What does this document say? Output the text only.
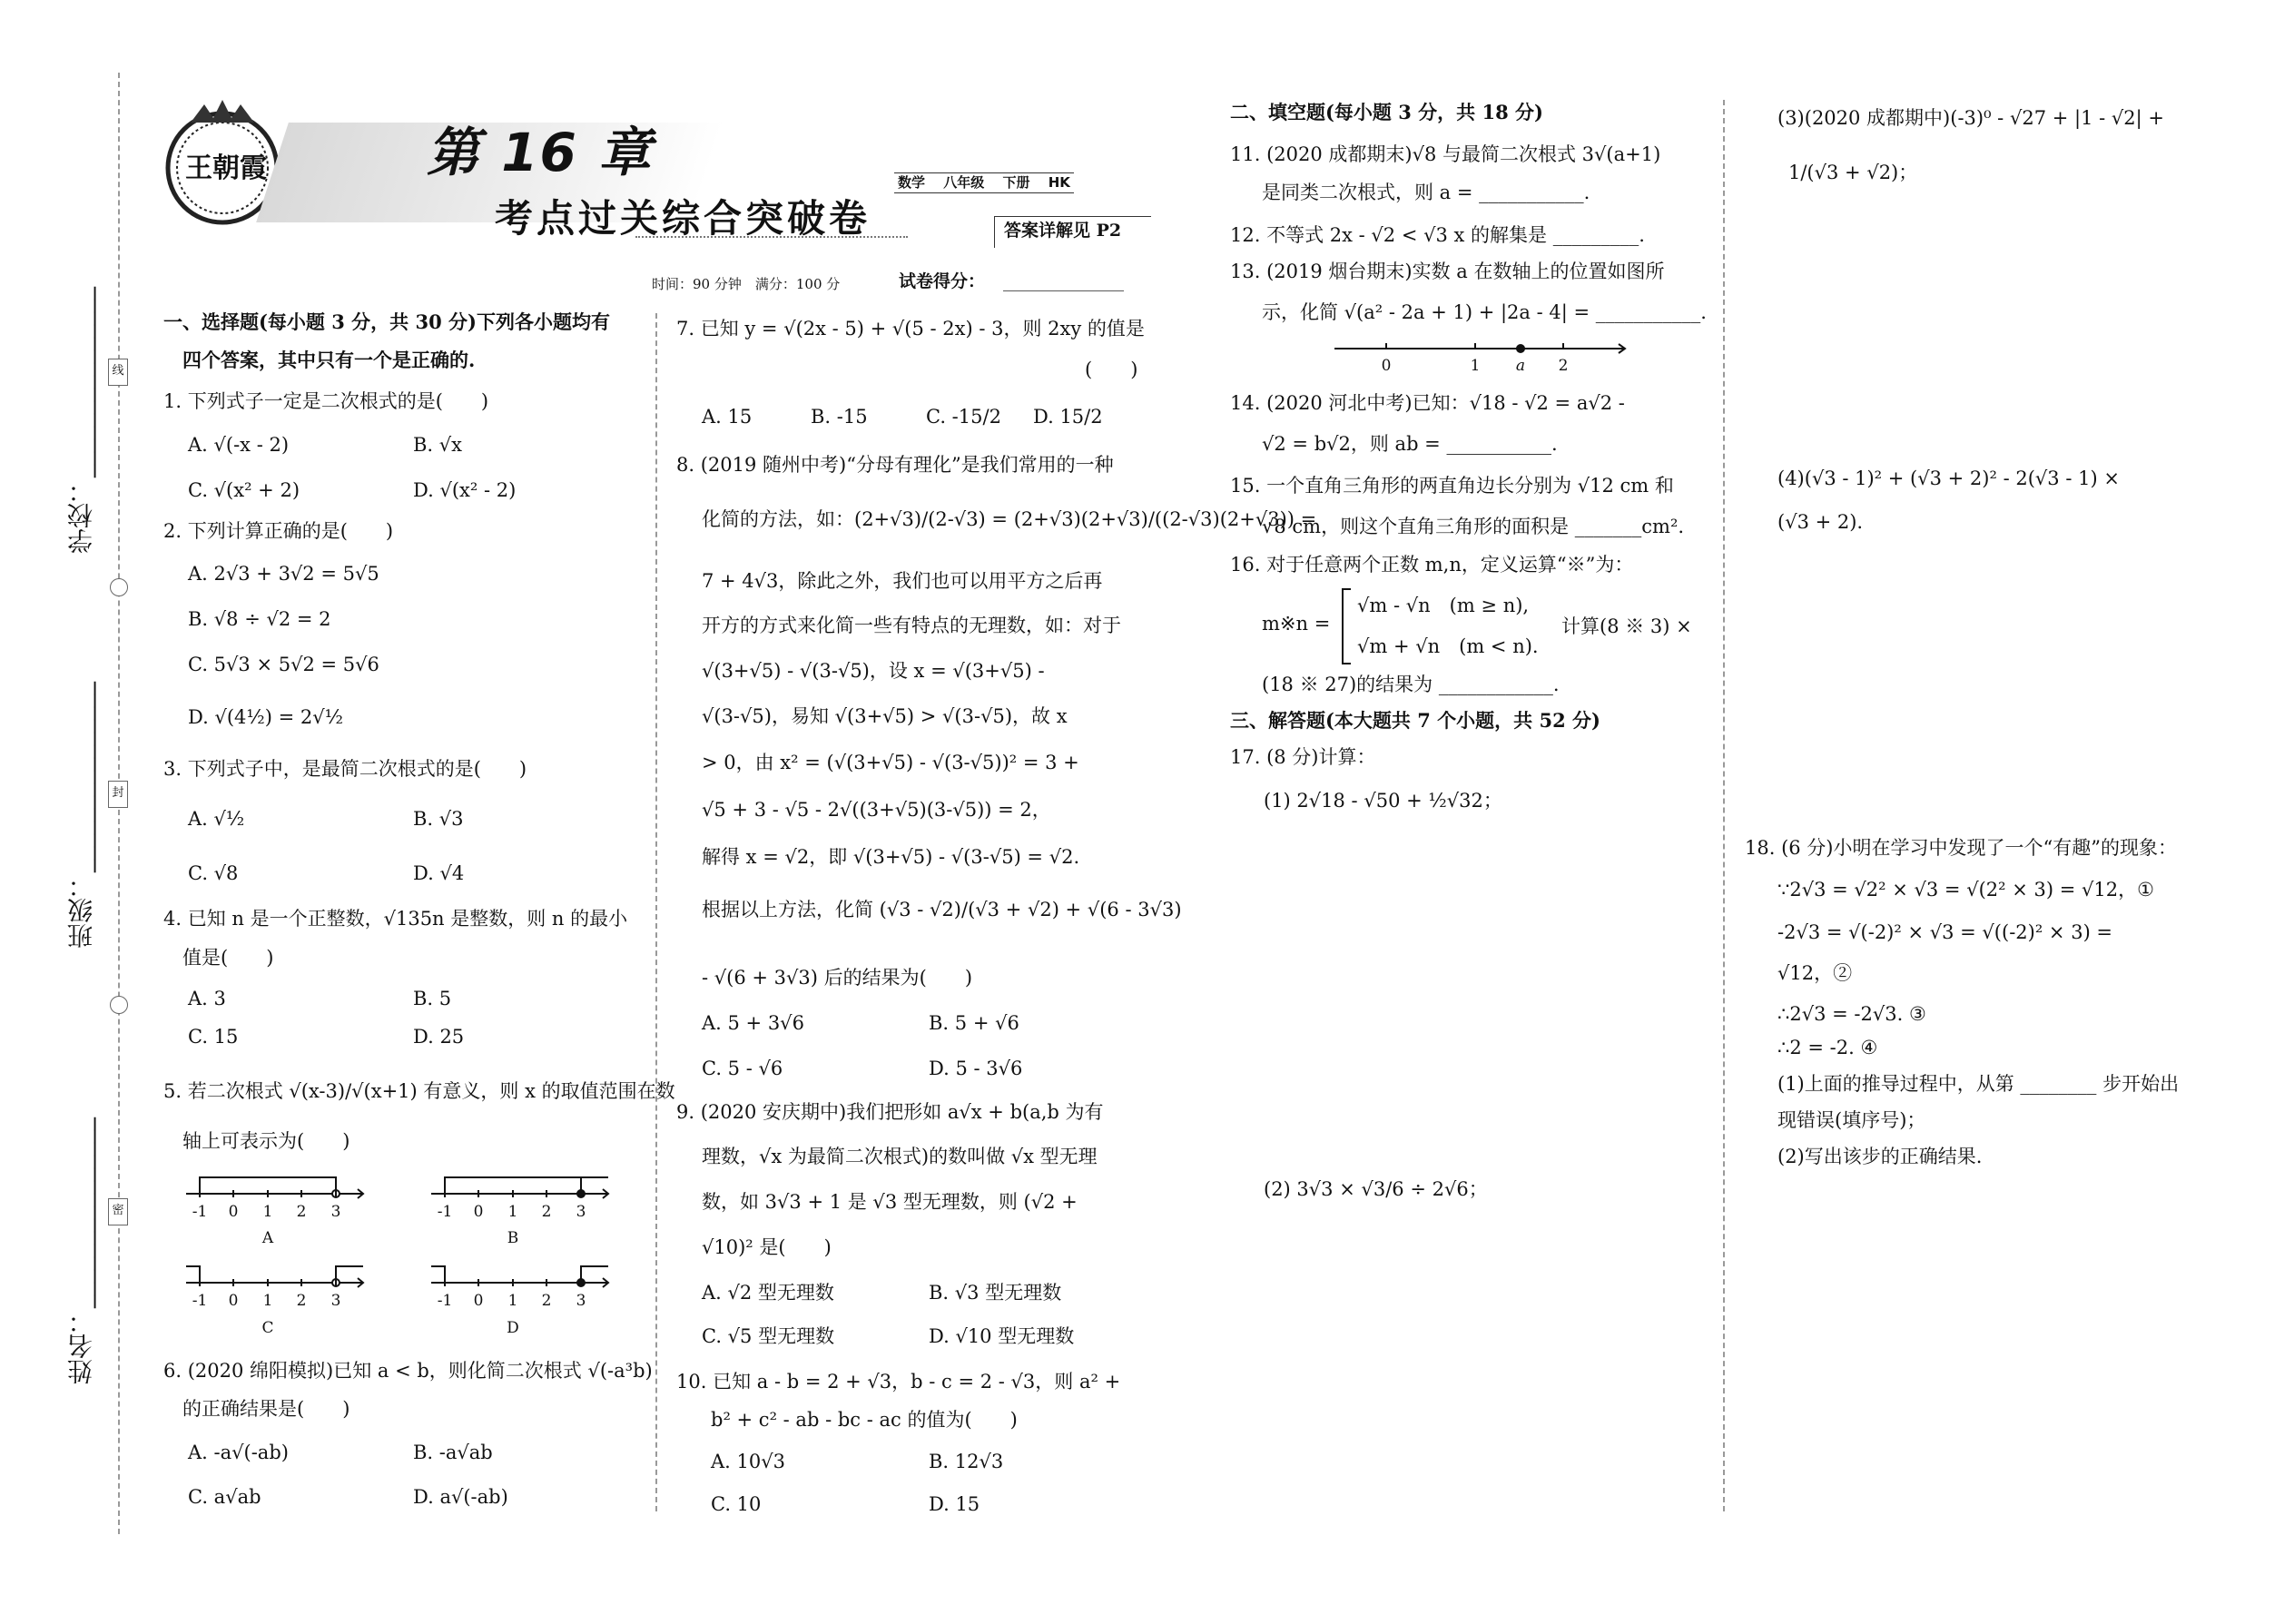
学校：_______________
班级：_______________
姓名：_______________
线
封
密
王朝霞	第 16 章
考点过关综合突破卷
数学　 八年级　 下册　 HK
答案详解见 P2
时间：90 分钟　满分：100 分	试卷得分： ______________
一、选择题(每小题 3 分，共 30 分)下列各小题均有
　四个答案，其中只有一个是正确的.
1. 下列式子一定是二次根式的是(　　)
A. √(-x - 2)	B. √x
C. √(x² + 2)	D. √(x² - 2)
2. 下列计算正确的是(　　)
A. 2√3 + 3√2 = 5√5
B. √8 ÷ √2 = 2
C. 5√3 × 5√2 = 5√6
D. √(4½) = 2√½
3. 下列式子中，是最简二次根式的是(　　)
A. √½	B. √3
C. √8	D. √4
4. 已知 n 是一个正整数，√135n 是整数，则 n 的最小
　值是(　　)
A. 3	B. 5
C. 15	D. 25
5. 若二次根式 √(x-3)/√(x+1) 有意义，则 x 的取值范围在数
　轴上可表示为(　　)
-1 0 1 2 3	-1 0 1 2 3
-1 0 1 2 3	-1 0 1 2 3
A	B
C	D
6. (2020 绵阳模拟)已知 a < b，则化简二次根式 √(-a³b)
　的正确结果是(　　)
A. -a√(-ab)	B. -a√ab
C. a√ab	D. a√(-ab)
7. 已知 y = √(2x - 5) + √(5 - 2x) - 3，则 2xy 的值是
(　　)
A. 15	B. -15	C. -15/2 D. 15/2
8. (2019 随州中考)“分母有理化”是我们常用的一种
化简的方法，如：(2+√3)/(2-√3) = (2+√3)(2+√3)/((2-√3)(2+√3)) =
7 + 4√3，除此之外，我们也可以用平方之后再
开方的方式来化简一些有特点的无理数，如：对于
√(3+√5) - √(3-√5)，设 x = √(3+√5) -
√(3-√5)，易知 √(3+√5) > √(3-√5)，故 x
> 0，由 x² = (√(3+√5) - √(3-√5))² = 3 +
√5 + 3 - √5 - 2√((3+√5)(3-√5)) = 2，
解得 x = √2，即 √(3+√5) - √(3-√5) = √2.
根据以上方法，化简 (√3 - √2)/(√3 + √2) + √(6 - 3√3)
- √(6 + 3√3) 后的结果为(　　)
A. 5 + 3√6	B. 5 + √6
C. 5 - √6	D. 5 - 3√6
9. (2020 安庆期中)我们把形如 a√x + b(a,b 为有
理数，√x 为最简二次根式)的数叫做 √x 型无理
数，如 3√3 + 1 是 √3 型无理数，则 (√2 +
√10)² 是(　　)
A. √2 型无理数	B. √3 型无理数
C. √5 型无理数	D. √10 型无理数
10. 已知 a - b = 2 + √3，b - c = 2 - √3，则 a² +
b² + c² - ab - bc - ac 的值为(　　)
A. 10√3	B. 12√3
C. 10	D. 15
二、填空题(每小题 3 分，共 18 分)
11. (2020 成都期末)√8 与最简二次根式 3√(a+1)
是同类二次根式，则 a = ___________.
12. 不等式 2x - √2 < √3 x 的解集是 _________.
13. (2019 烟台期末)实数 a 在数轴上的位置如图所
示，化简 √(a² - 2a + 1) + |2a - 4| = ___________.
0	1 a 2
14. (2020 河北中考)已知：√18 - √2 = a√2 -
√2 = b√2，则 ab = ___________.
15. 一个直角三角形的两直角边长分别为 √12 cm 和
√8 cm，则这个直角三角形的面积是 _______cm².
16. 对于任意两个正数 m,n，定义运算“※”为：
m※n =
√m - √n　(m ≥ n),
√m + √n　(m < n).
计算(8 ※ 3) ×
(18 ※ 27)的结果为 ____________.
三、解答题(本大题共 7 个小题，共 52 分)
17. (8 分)计算：
(1) 2√18 - √50 + ½√32；
(2) 3√3 × √3/6 ÷ 2√6；
(3)(2020 成都期中)(-3)⁰ - √27 + |1 - √2| +
1/(√3 + √2)；
(4)(√3 - 1)² + (√3 + 2)² - 2(√3 - 1) ×
(√3 + 2).
18. (6 分)小明在学习中发现了一个“有趣”的现象：
∵2√3 = √2² × √3 = √(2² × 3) = √12，①
-2√3 = √(-2)² × √3 = √((-2)² × 3) =
√12，②
∴2√3 = -2√3. ③
∴2 = -2. ④
(1)上面的推导过程中，从第 ________ 步开始出
现错误(填序号)；
(2)写出该步的正确结果.
